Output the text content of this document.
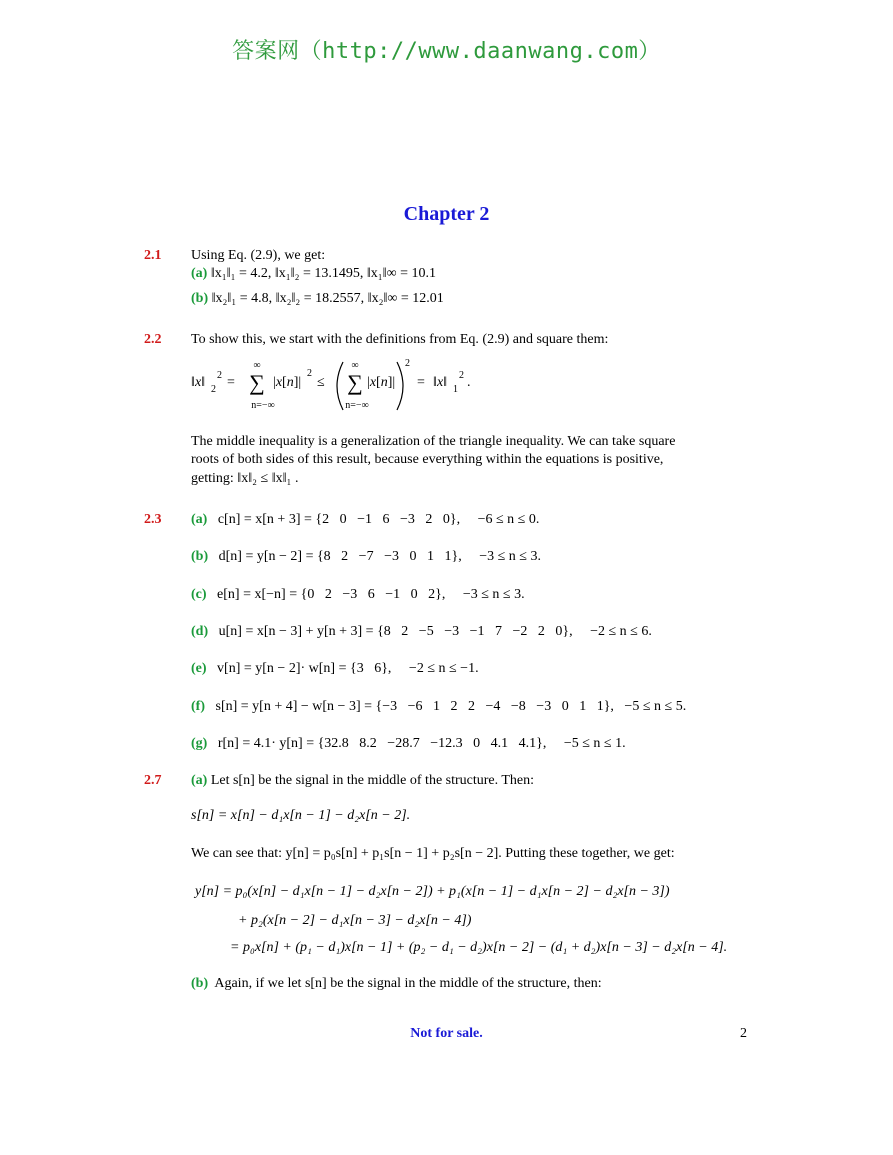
答案网（http://www.daanwang.com）
Chapter 2
2.1 Using Eq. (2.9), we get:
(a) ‖x₁‖₁ = 4.2, ‖x₁‖₂ = 13.1495, ‖x₁‖∞ = 10.1
(b) ‖x₂‖₁ = 4.8, ‖x₂‖₂ = 18.2557, ‖x₂‖∞ = 12.01
2.2 To show this, we start with the definitions from Eq. (2.9) and square them:
‖x‖ 2
2 =
∞
∑
n=−∞
|x[n]|
2
≤
∞
∑
n=−∞
|x[n]|
2
= ‖x‖ 1
2 .
The middle inequality is a generalization of the triangle inequality. We can take square
roots of both sides of this result, because everything within the equations is positive,
getting: ‖x‖₂ ≤ ‖x‖₁ .
2.3 (a) c[n] = x[n + 3] = {2   0   −1   6   −3   2   0},     −6 ≤ n ≤ 0.
(b) d[n] = y[n − 2] = {8   2   −7   −3   0   1   1},     −3 ≤ n ≤ 3.
(c) e[n] = x[−n] = {0   2   −3   6   −1   0   2},     −3 ≤ n ≤ 3.
(d) u[n] = x[n − 3] + y[n + 3] = {8   2   −5   −3   −1   7   −2   2   0},     −2 ≤ n ≤ 6.
(e) v[n] = y[n − 2]· w[n] = {3   6},     −2 ≤ n ≤ −1.
(f) s[n] = y[n + 4] − w[n − 3] = {−3   −6   1   2   2   −4   −8   −3   0   1   1},   −5 ≤ n ≤ 5.
(g) r[n] = 4.1· y[n] = {32.8   8.2   −28.7   −12.3   0   4.1   4.1},     −5 ≤ n ≤ 1.
2.7 (a) Let s[n] be the signal in the middle of the structure. Then:
s[n] = x[n] − d₁x[n − 1] − d₂x[n − 2].
We can see that: y[n] = p₀s[n] + p₁s[n − 1] + p₂s[n − 2]. Putting these together, we get:
y[n] = p₀(x[n] − d₁x[n − 1] − d₂x[n − 2]) + p₁(x[n − 1] − d₁x[n − 2] − d₂x[n − 3])
+ p₂(x[n − 2] − d₁x[n − 3] − d₂x[n − 4])
= p₀x[n] + (p₁ − d₁)x[n − 1] + (p₂ − d₁ − d₂)x[n − 2] − (d₁ + d₂)x[n − 3] − d₂x[n − 4].
(b) Again, if we let s[n] be the signal in the middle of the structure, then:
Not for sale.	2
